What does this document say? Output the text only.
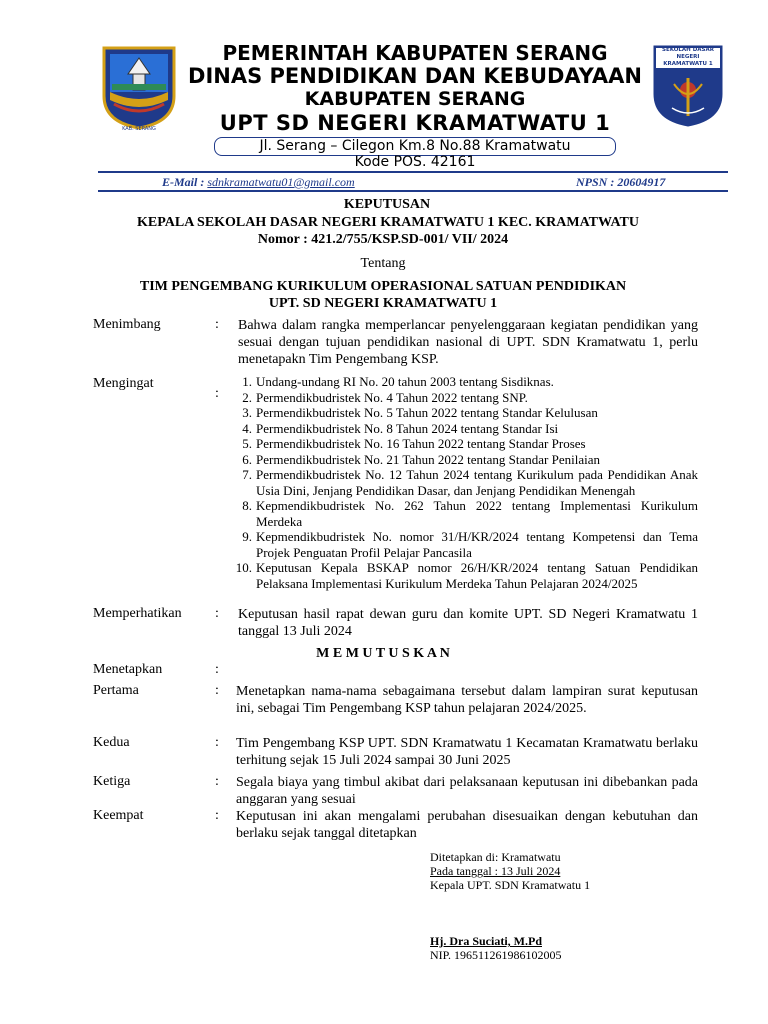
KAB. SERANG
SEKOLAH DASAR NEGERI KRAMATWATU 1
PEMERINTAH KABUPATEN SERANG
DINAS PENDIDIKAN DAN KEBUDAYAAN
KABUPATEN SERANG
UPT SD NEGERI KRAMATWATU 1
Jl. Serang – Cilegon Km.8 No.88 Kramatwatu
Kode POS. 42161
E-Mail : sdnkramatwatu01@gmail.com	NPSN : 20604917
KEPUTUSAN
KEPALA SEKOLAH DASAR NEGERI KRAMATWATU 1 KEC. KRAMATWATU
Nomor : 421.2/755/KSP.SD-001/ VII/ 2024
Tentang
TIM PENGEMBANG KURIKULUM OPERASIONAL SATUAN PENDIDIKAN
UPT. SD NEGERI KRAMATWATU 1
Menimbang	: Bahwa dalam rangka memperlancar penyelenggaraan kegiatan pendidikan yang sesuai dengan tujuan pendidikan nasional di UPT. SDN Kramatwatu 1, perlu menetapakn Tim Pengembang KSP.
Mengingat
:
1. Undang-undang RI No. 20 tahun 2003 tentang Sisdiknas.
2. Permendikbudristek No. 4 Tahun 2022 tentang SNP.
3. Permendikbudristek No. 5 Tahun 2022 tentang Standar Kelulusan
4. Permendikbudristek No. 8 Tahun 2024 tentang Standar Isi
5. Permendikbudristek No. 16 Tahun 2022 tentang Standar Proses
6. Permendikbudristek No. 21 Tahun 2022 tentang Standar Penilaian
7. Permendikbudristek No. 12 Tahun 2024 tentang Kurikulum pada Pendidikan Anak Usia Dini, Jenjang Pendidikan Dasar, dan Jenjang Pendidikan Menengah
8. Kepmendikbudristek No. 262 Tahun 2022 tentang Implementasi Kurikulum Merdeka
9. Kepmendikbudristek No. nomor 31/H/KR/2024 tentang Kompetensi dan Tema Projek Penguatan Profil Pelajar Pancasila
10. Keputusan Kepala BSKAP nomor 26/H/KR/2024 tentang Satuan Pendidikan Pelaksana Implementasi Kurikulum Merdeka Tahun Pelajaran 2024/2025
Memperhatikan : Keputusan hasil rapat dewan guru dan komite UPT. SD Negeri Kramatwatu 1 tanggal 13 Juli 2024
M E M U T U S K A N
Menetapkan	:
Pertama	: Menetapkan nama-nama sebagaimana tersebut dalam lampiran surat keputusan ini, sebagai Tim Pengembang KSP tahun pelajaran 2024/2025.
Kedua	: Tim Pengembang KSP UPT. SDN Kramatwatu 1 Kecamatan Kramatwatu berlaku terhitung sejak 15 Juli 2024 sampai 30 Juni 2025
Ketiga	: Segala biaya yang timbul akibat dari pelaksanaan keputusan ini dibebankan pada anggaran yang sesuai
Keempat	: Keputusan ini akan mengalami perubahan disesuaikan dengan kebutuhan dan berlaku sejak tanggal ditetapkan
Ditetapkan di: Kramatwatu
Pada tanggal : 13 Juli 2024
Kepala UPT. SDN Kramatwatu 1
Hj. Dra Suciati, M.Pd
NIP. 196511261986102005
